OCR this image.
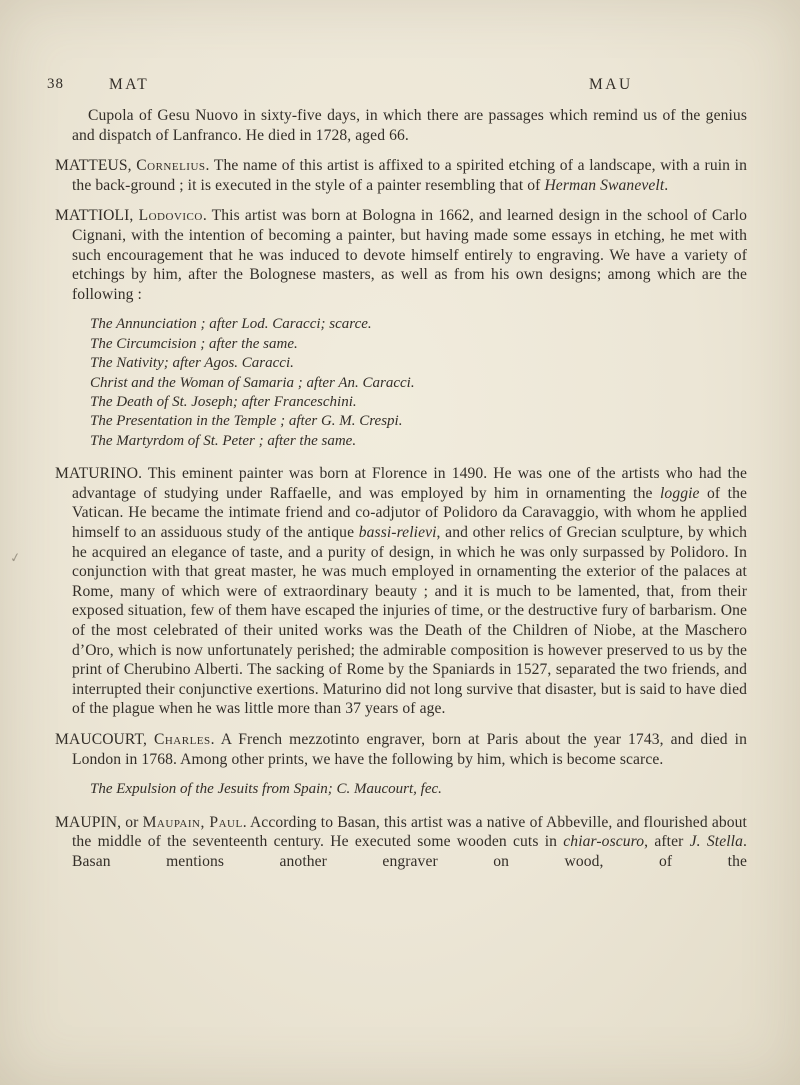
38	MAT	MAU

Cupola of Gesu Nuovo in sixty-five days, in which there are passages which remind us of the genius and dispatch of Lanfranco. He died in 1728, aged 66.

MATTEUS, Cornelius. The name of this artist is affixed to a spirited etching of a landscape, with a ruin in the back-ground ; it is executed in the style of a painter resembling that of Herman Swanevelt.

MATTIOLI, Lodovico. This artist was born at Bologna in 1662, and learned design in the school of Carlo Cignani, with the intention of becoming a painter, but having made some essays in etching, he met with such encouragement that he was induced to devote himself entirely to engraving. We have a variety of etchings by him, after the Bolognese masters, as well as from his own designs; among which are the following :

The Annunciation ; after Lod. Caracci; scarce.
The Circumcision ; after the same.
The Nativity; after Agos. Caracci.
Christ and the Woman of Samaria ; after An. Caracci.
The Death of St. Joseph; after Franceschini.
The Presentation in the Temple ; after G. M. Crespi.
The Martyrdom of St. Peter ; after the same.

MATURINO. This eminent painter was born at Florence in 1490. He was one of the artists who had the advantage of studying under Raffaelle, and was employed by him in ornamenting the loggie of the Vatican. He became the intimate friend and co-adjutor of Polidoro da Caravaggio, with whom he applied himself to an assiduous study of the antique bassi-relievi, and other relics of Grecian sculpture, by which he acquired an elegance of taste, and a purity of design, in which he was only surpassed by Polidoro. In conjunction with that great master, he was much employed in ornamenting the exterior of the palaces at Rome, many of which were of extraordinary beauty ; and it is much to be lamented, that, from their exposed situation, few of them have escaped the injuries of time, or the destructive fury of barbarism. One of the most celebrated of their united works was the Death of the Children of Niobe, at the Maschero d’Oro, which is now unfortunately perished; the admirable composition is however preserved to us by the print of Cherubino Alberti. The sacking of Rome by the Spaniards in 1527, separated the two friends, and interrupted their conjunctive exertions. Maturino did not long survive that disaster, but is said to have died of the plague when he was little more than 37 years of age.

MAUCOURT, Charles. A French mezzotinto engraver, born at Paris about the year 1743, and died in London in 1768. Among other prints, we have the following by him, which is become scarce.

The Expulsion of the Jesuits from Spain; C. Maucourt, fec.

MAUPIN, or Maupain, Paul. According to Basan, this artist was a native of Abbeville, and flourished about the middle of the seventeenth century. He executed some wooden cuts in chiar-oscuro, after J. Stella. Basan mentions another engraver on wood, of the

✓
